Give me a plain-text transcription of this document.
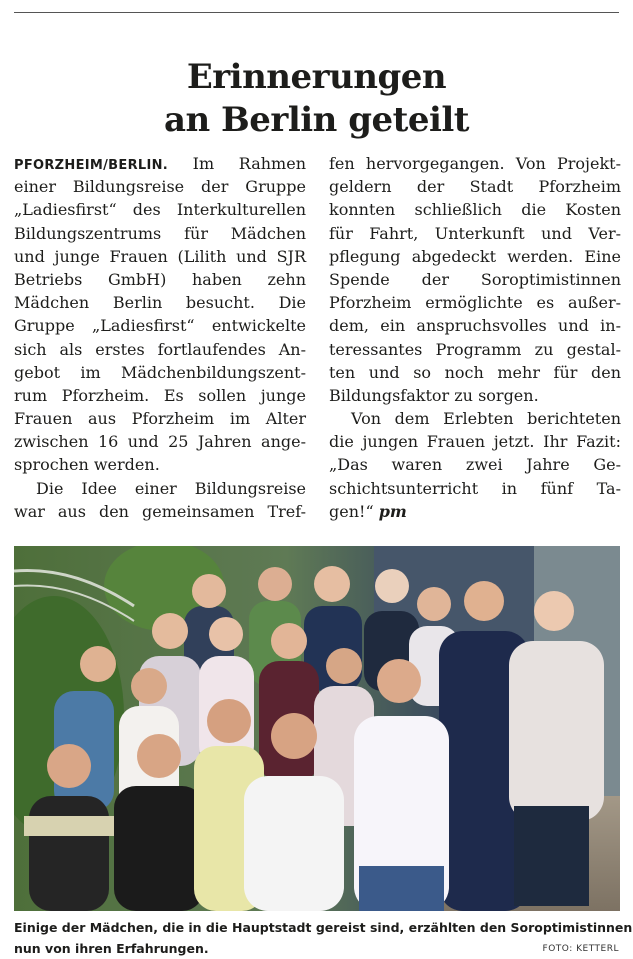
Erinnerungen
an Berlin geteilt
PFORZHEIM/BERLIN. Im Rahmen
einer Bildungsreise der Gruppe
„Ladiesfirst“ des Interkulturellen
Bildungszentrums für Mädchen
und junge Frauen (Lilith und SJR
Betriebs GmbH) haben zehn
Mädchen Berlin besucht. Die
Gruppe „Ladiesfirst“ entwickelte
sich als erstes fortlaufendes An-
gebot im Mädchenbildungszent-
rum Pforzheim. Es sollen junge
Frauen aus Pforzheim im Alter
zwischen 16 und 25 Jahren ange-
sprochen werden.
Die Idee einer Bildungsreise
war aus den gemeinsamen Tref-
fen hervorgegangen. Von Projekt-
geldern der Stadt Pforzheim
konnten schließlich die Kosten
für Fahrt, Unterkunft und Ver-
pflegung abgedeckt werden. Eine
Spende der Soroptimistinnen
Pforzheim ermöglichte es außer-
dem, ein anspruchsvolles und in-
teressantes Programm zu gestal-
ten und so noch mehr für den
Bildungsfaktor zu sorgen.
Von dem Erlebten berichteten
die jungen Frauen jetzt. Ihr Fazit:
„Das waren zwei Jahre Ge-
schichtsunterricht in fünf Ta-
gen!“ pm
Einige der Mädchen, die in die Hauptstadt gereist sind, erzählten den Soroptimistinnen
nun von ihren Erfahrungen.	FOTO: KETTERL
